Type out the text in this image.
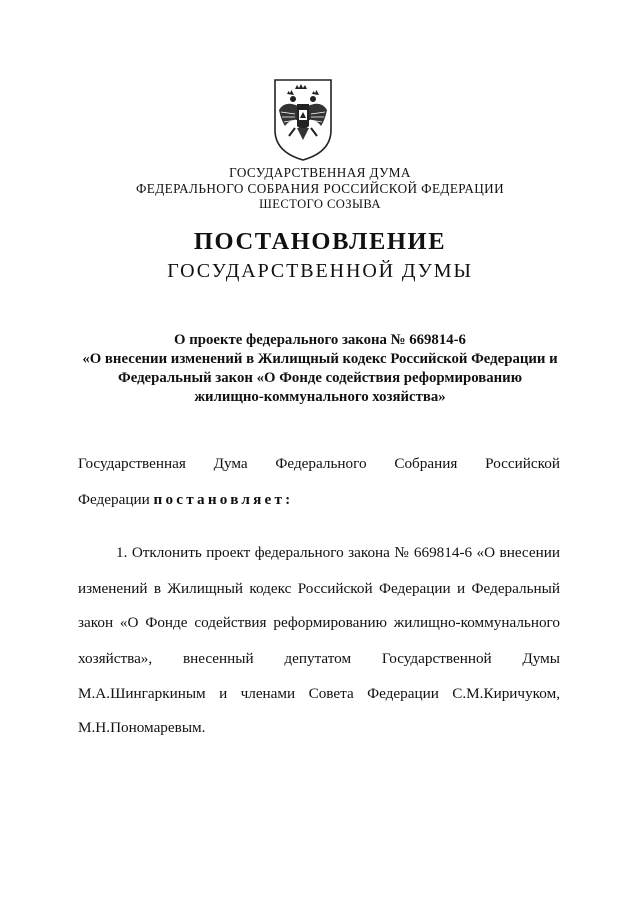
ГОСУДАРСТВЕННАЯ ДУМА
ФЕДЕРАЛЬНОГО СОБРАНИЯ РОССИЙСКОЙ ФЕДЕРАЦИИ
ШЕСТОГО СОЗЫВА
ПОСТАНОВЛЕНИЕ
ГОСУДАРСТВЕННОЙ ДУМЫ
О проекте федерального закона № 669814-6
«О внесении изменений в Жилищный кодекс Российской Федерации и
Федеральный закон «О Фонде содействия реформированию
жилищно-коммунального хозяйства»
Государственная Дума Федерального Собрания Российской
Федерации постановляет:
1. Отклонить проект федерального закона № 669814-6 «О внесении
изменений в Жилищный кодекс Российской Федерации и Федеральный
закон «О Фонде содействия реформированию жилищно-коммунального
хозяйства», внесенный депутатом Государственной Думы
М.А.Шингаркиным и членами Совета Федерации С.М.Киричуком,
М.Н.Пономаревым.
